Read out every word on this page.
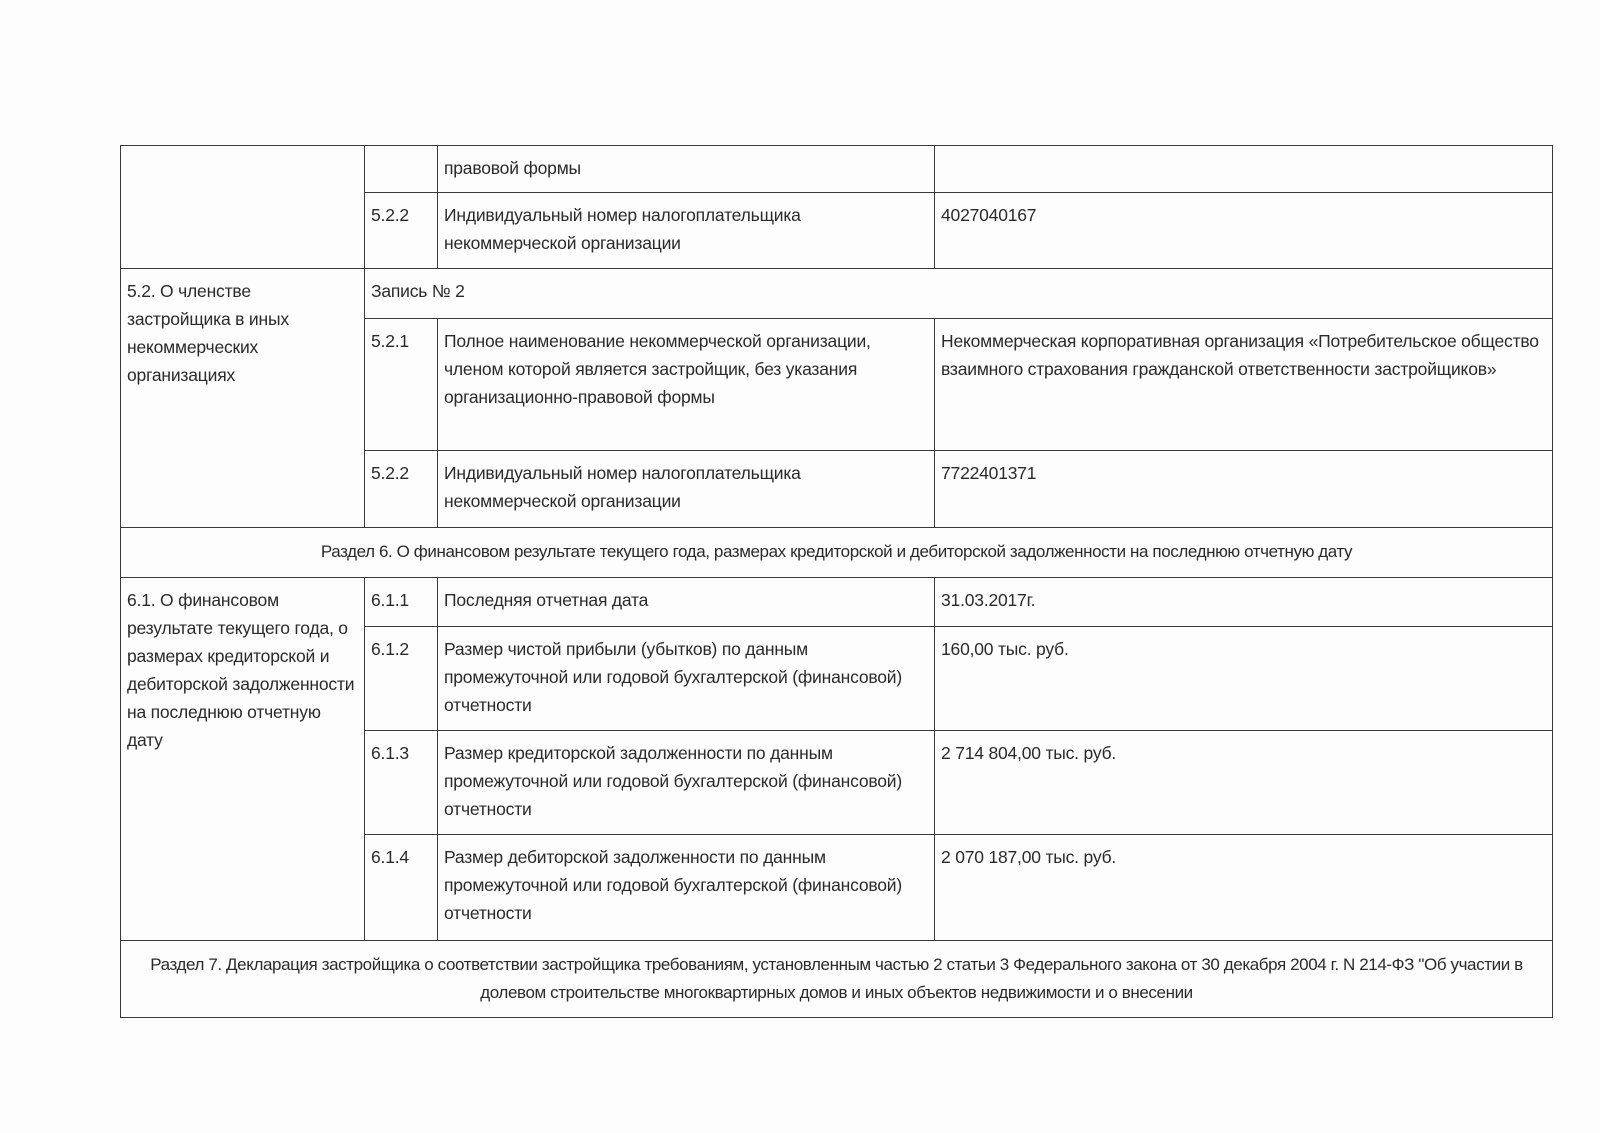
		правовой формы	
	5.2.2	Индивидуальный номер налогоплательщика некоммерческой организации	4027040167
5.2. О членстве застройщика в иных некоммерческих организациях	Запись № 2		
	5.2.1	Полное наименование некоммерческой организации, членом которой является застройщик, без указания организационно-правовой формы	Некоммерческая корпоративная организация «Потребительское общество взаимного страхования гражданской ответственности застройщиков»
	5.2.2	Индивидуальный номер налогоплательщика некоммерческой организации	7722401371
Раздел 6. О финансовом результате текущего года, размерах кредиторской и дебиторской задолженности на последнюю отчетную дату			
6.1. О финансовом результате текущего года, о размерах кредиторской и дебиторской задолженности на последнюю отчетную дату	6.1.1	Последняя отчетная дата	31.03.2017г.
	6.1.2	Размер чистой прибыли (убытков) по данным промежуточной или годовой бухгалтерской (финансовой) отчетности	160,00 тыс. руб.
	6.1.3	Размер кредиторской задолженности по данным промежуточной или годовой бухгалтерской (финансовой) отчетности	2 714 804,00 тыс. руб.
	6.1.4	Размер дебиторской задолженности по данным промежуточной или годовой бухгалтерской (финансовой) отчетности	2 070 187,00 тыс. руб.
Раздел 7. Декларация застройщика о соответствии застройщика требованиям, установленным частью 2 статьи 3 Федерального закона от 30 декабря 2004 г. N 214-ФЗ "Об участии в долевом строительстве многоквартирных домов и иных объектов недвижимости и о внесении			
